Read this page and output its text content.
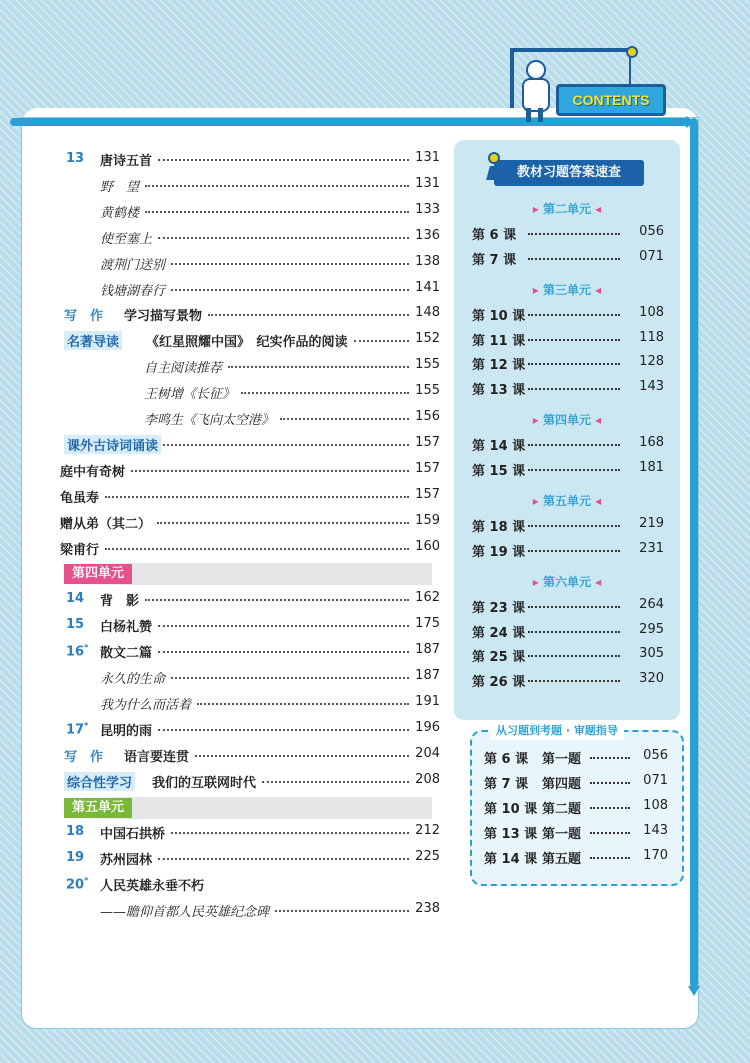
CONTENTS
13 唐诗五首	131
野　望	131
黄鹤楼	133
使至塞上	136
渡荆门送别	138
钱塘湖春行	141
写　作 学习描写景物	148
名著导读 《红星照耀中国》　纪实作品的阅读	152
自主阅读推荐	155
王树增《长征》	155
李鸣生《飞向太空港》	156
课外古诗词诵读	157
庭中有奇树	157
龟虽寿	157
赠从弟（其二）	159
梁甫行	160
第四单元
14 背　影	162
15 白杨礼赞	175
16* 散文二篇	187
永久的生命	187
我为什么而活着	191
17* 昆明的雨	196
写　作 语言要连贯	204
综合性学习 我们的互联网时代	208
第五单元
18 中国石拱桥	212
19 苏州园林	225
20* 人民英雄永垂不朽
——瞻仰首都人民英雄纪念碑	238
教材习题答案速查
▸ 第二单元 ◂
第 6 课	056
第 7 课	071
▸ 第三单元 ◂
第 10 课	108
第 11 课	118
第 12 课	128
第 13 课	143
▸ 第四单元 ◂
第 14 课	168
第 15 课	181
▸ 第五单元 ◂
第 18 课	219
第 19 课	231
▸ 第六单元 ◂
第 23 课	264
第 24 课	295
第 25 课	305
第 26 课	320
从习题到考题 · 审题指导
第 6 课 第一题	056
第 7 课 第四题	071
第 10 课 第二题	108
第 13 课 第一题	143
第 14 课 第五题	170
